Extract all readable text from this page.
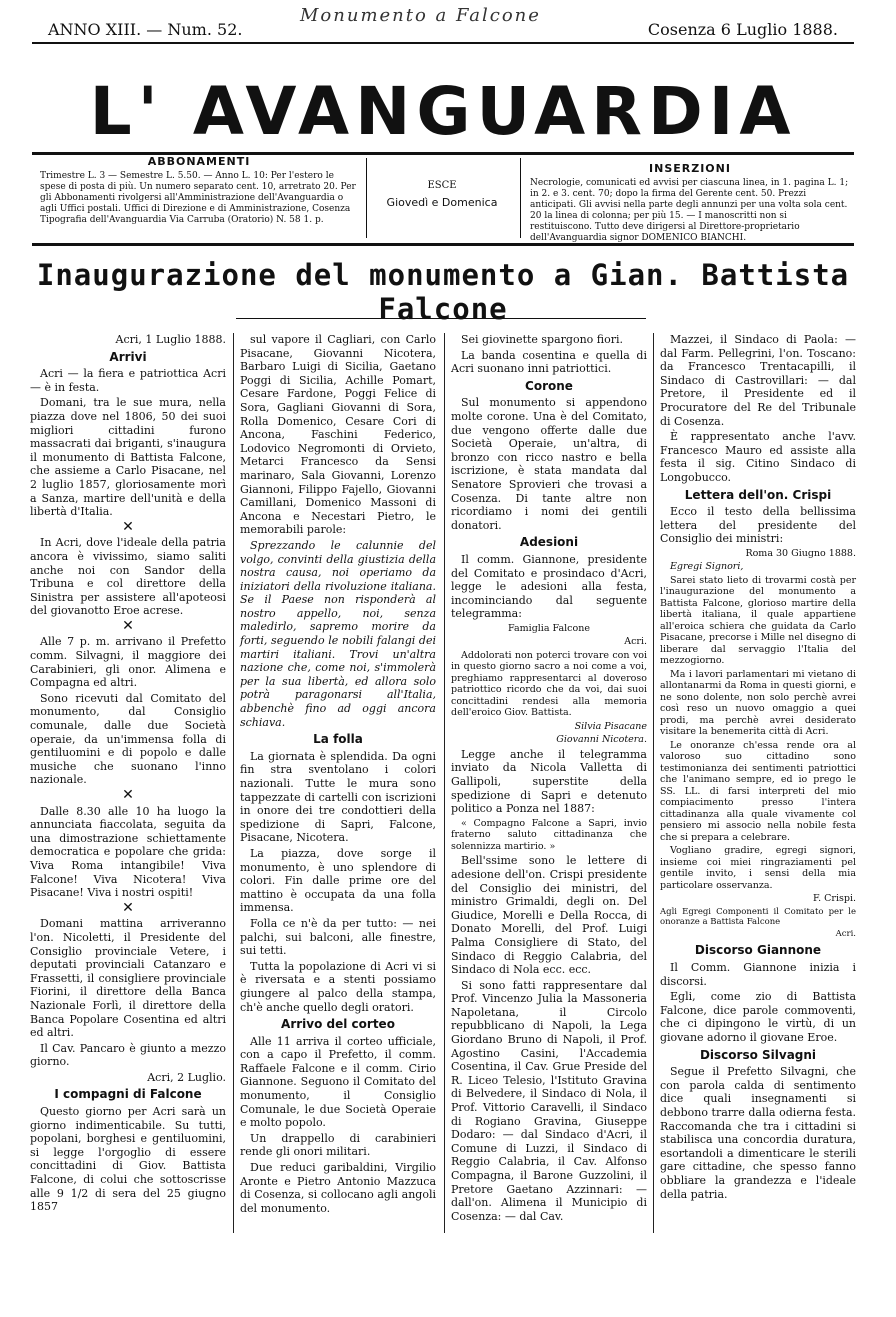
ANNO XIII. — Num. 52.
Monumento a Falcone
Cosenza 6 Luglio 1888.
L' AVANGUARDIA
ABBONAMENTI

Trimestre L. 3 — Semestre L. 5.50. — Anno L. 10: Per l'estero le spese di posta di più. Un numero separato cent. 10, arretrato 20. Per gli Abbonamenti rivolgersi all'Amministrazione dell'Avanguardia o agli Uffici postali. Uffici di Direzione e di Amministrazione, Cosenza Tipografia dell'Avanguardia Via Carruba (Oratorio) N. 58 1. p.

ESCE
Giovedì e Domenica
INSERZIONI

Necrologie, comunicati ed avvisi per ciascuna linea, in 1. pagina L. 1; in 2. e 3. cent. 70; dopo la firma del Gerente cent. 50. Prezzi anticipati. Gli avvisi nella parte degli annunzi per una volta sola cent. 20 la linea di colonna; per più 15. — I manoscritti non si restituiscono. Tutto deve dirigersi al Direttore-proprietario dell'Avanguardia signor DOMENICO BIANCHI.

Inaugurazione del monumento a Gian. Battista Falcone

Acri, 1 Luglio 1888.

Arrivi

Acri — la fiera e patriottica Acri — è in festa.

Domani, tra le sue mura, nella piazza dove nel 1806, 50 dei suoi migliori cittadini furono massacrati dai briganti, s'inaugura il monumento di Battista Falcone, che assieme a Carlo Pisacane, nel 2 luglio 1857, gloriosamente morì a Sanza, martire dell'unità e della libertà d'Italia.

✕

In Acri, dove l'ideale della patria ancora è vivissimo, siamo saliti anche noi con Sandor della Tribuna e col direttore della Sinistra per assistere all'apoteosi del giovanotto Eroe acrese.

✕

Alle 7 p. m. arrivano il Prefetto comm. Silvagni, il maggiore dei Carabinieri, gli onor. Alimena e Compagna ed altri.

Sono ricevuti dal Comitato del monumento, dal Consiglio comunale, dalle due Società operaie, da un'immensa folla di gentiluomini e di popolo e dalle musiche che suonano l'inno nazionale.

✕

Dalle 8.30 alle 10 ha luogo la annunciata fiaccolata, seguita da una dimostrazione schiettamente democratica e popolare che grida: Viva Roma intangibile! Viva Falcone! Viva Nicotera! Viva Pisacane! Viva i nostri ospiti!

✕

Domani mattina arriveranno l'on. Nicoletti, il Presidente del Consiglio provinciale Vetere, i deputati provinciali Catanzaro e Frassetti, il consigliere provinciale Fiorini, il direttore della Banca Nazionale Forlì, il direttore della Banca Popolare Cosentina ed altri ed altri.

Il Cav. Pancaro è giunto a mezzo giorno.

Acri, 2 Luglio.

I compagni di Falcone

Questo giorno per Acri sarà un giorno indimenticabile. Su tutti, popolani, borghesi e gentiluomini, si legge l'orgoglio di essere concittadini di Giov. Battista Falcone, di colui che sottoscrisse alle 9 1/2 di sera del 25 giugno 1857

sul vapore il Cagliari, con Carlo Pisacane, Giovanni Nicotera, Barbaro Luigi di Sicilia, Gaetano Poggi di Sicilia, Achille Pomart, Cesare Fardone, Poggi Felice di Sora, Gagliani Giovanni di Sora, Rolla Domenico, Cesare Cori di Ancona, Faschini Federico, Lodovico Negromonti di Orvieto, Metarci Francesco da Sensi marinaro, Sala Giovanni, Lorenzo Giannoni, Filippo Fajello, Giovanni Camillani, Domenico Massoni di Ancona e Necestari Pietro, le memorabili parole:

Sprezzando le calunnie del volgo, convinti della giustizia della nostra causa, noi operiamo da iniziatori della rivoluzione italiana. Se il Paese non risponderà al nostro appello, noi, senza maledirlo, sapremo morire da forti, seguendo le nobili falangi dei martiri italiani. Trovi un'altra nazione che, come noi, s'immolerà per la sua libertà, ed allora solo potrà paragonarsi all'Italia, abbenchè fino ad oggi ancora schiava.

La folla

La giornata è splendida. Da ogni fin stra sventolano i colori nazionali. Tutte le mura sono tappezzate di cartelli con iscrizioni in onore dei tre condottieri della spedizione di Sapri, Falcone, Pisacane, Nicotera.

La piazza, dove sorge il monumento, è uno splendore di colori. Fin dalle prime ore del mattino è occupata da una folla immensa.

Folla ce n'è da per tutto: — nei palchi, sui balconi, alle finestre, sui tetti.

Tutta la popolazione di Acri vi si è riversata e a stenti possiamo giungere al palco della stampa, ch'è anche quello degli oratori.

Arrivo del corteo

Alle 11 arriva il corteo ufficiale, con a capo il Prefetto, il comm. Raffaele Falcone e il comm. Cirio Giannone. Seguono il Comitato del monumento, il Consiglio Comunale, le due Società Operaie e molto popolo.

Un drappello di carabinieri rende gli onori militari.

Due reduci garibaldini, Virgilio Aronte e Pietro Antonio Mazzuca di Cosenza, si collocano agli angoli del monumento.

Sei giovinette spargono fiori.

La banda cosentina e quella di Acri suonano inni patriottici.

Corone

Sul monumento si appendono molte corone. Una è del Comitato, due vengono offerte dalle due Società Operaie, un'altra, di bronzo con ricco nastro e bella iscrizione, è stata mandata dal Senatore Sprovieri che trovasi a Cosenza. Di tante altre non ricordiamo i nomi dei gentili donatori.

Adesioni

Il comm. Giannone, presidente del Comitato e prosindaco d'Acri, legge le adesioni alla festa, incominciando dal seguente telegramma:

Famiglia Falcone

Acri.

Addolorati non poterci trovare con voi in questo giorno sacro a noi come a voi, preghiamo rappresentarci al doveroso patriottico ricordo che da voi, dai suoi concittadini rendesi alla memoria dell'eroico Giov. Battista.

Silvia Pisacane

Giovanni Nicotera.

Legge anche il telegramma inviato da Nicola Valletta di Gallipoli, superstite della spedizione di Sapri e detenuto politico a Ponza nel 1887:

« Compagno Falcone a Sapri, invio fraterno saluto cittadinanza che solennizza martirio. »

Bell'ssime sono le lettere di adesione dell'on. Crispi presidente del Consiglio dei ministri, del ministro Grimaldi, degli on. Del Giudice, Morelli e Della Rocca, di Donato Morelli, del Prof. Luigi Palma Consigliere di Stato, del Sindaco di Reggio Calabria, del Sindaco di Nola ecc. ecc.

Si sono fatti rappresentare dal Prof. Vincenzo Julia la Massoneria Napoletana, il Circolo repubblicano di Napoli, la Lega Giordano Bruno di Napoli, il Prof. Agostino Casini, l'Accademia Cosentina, il Cav. Grue Preside del R. Liceo Telesio, l'Istituto Gravina di Belvedere, il Sindaco di Nola, il Prof. Vittorio Caravelli, il Sindaco di Rogiano Gravina, Giuseppe Dodaro: — dal Sindaco d'Acri, il Comune di Luzzi, il Sindaco di Reggio Calabria, il Cav. Alfonso Compagna, il Barone Guzzolini, il Pretore Gaetano Azzinnari: — dall'on. Alimena il Municipio di Cosenza: — dal Cav.

Mazzei, il Sindaco di Paola: — dal Farm. Pellegrini, l'on. Toscano: da Francesco Trentacapilli, il Sindaco di Castrovillari: — dal Pretore, il Presidente ed il Procuratore del Re del Tribunale di Cosenza.

È rappresentato anche l'avv. Francesco Mauro ed assiste alla festa il sig. Citino Sindaco di Longobucco.

Lettera dell'on. Crispi

Ecco il testo della bellissima lettera del presidente del Consiglio dei ministri:

Roma 30 Giugno 1888.

Egregi Signori,

Sarei stato lieto di trovarmi costà per l'inaugurazione del monumento a Battista Falcone, glorioso martire della libertà italiana, il quale appartiene all'eroica schiera che guidata da Carlo Pisacane, precorse i Mille nel disegno di liberare dal servaggio l'Italia del mezzogiorno.

Ma i lavori parlamentari mi vietano di allontanarmi da Roma in questi giorni, e ne sono dolente, non solo perchè avrei così reso un nuovo omaggio a quei prodi, ma perchè avrei desiderato visitare la benemerita città di Acri.

Le onoranze ch'essa rende ora al valoroso suo cittadino sono testimonianza dei sentimenti patriottici che l'animano sempre, ed io prego le SS. LL. di farsi interpreti del mio compiacimento presso l'intera cittadinanza alla quale vivamente col pensiero mi associo nella nobile festa che si prepara a celebrare.

Vogliano gradire, egregi signori, insieme coi miei ringraziamenti pel gentile invito, i sensi della mia particolare osservanza.

F. Crispi.

Agli Egregi Componenti il Comitato per le onoranze a Battista Falcone

Acri.

Discorso Giannone

Il Comm. Giannone inizia i discorsi.

Egli, come zio di Battista Falcone, dice parole commoventi, che ci dipingono le virtù, di un giovane adorno il giovane Eroe.

Discorso Silvagni

Segue il Prefetto Silvagni, che con parola calda di sentimento dice quali insegnamenti si debbono trarre dalla odierna festa. Raccomanda che tra i cittadini si stabilisca una concordia duratura, esortandoli a dimenticare le sterili gare cittadine, che spesso fanno obbliare la grandezza e l'ideale della patria.
